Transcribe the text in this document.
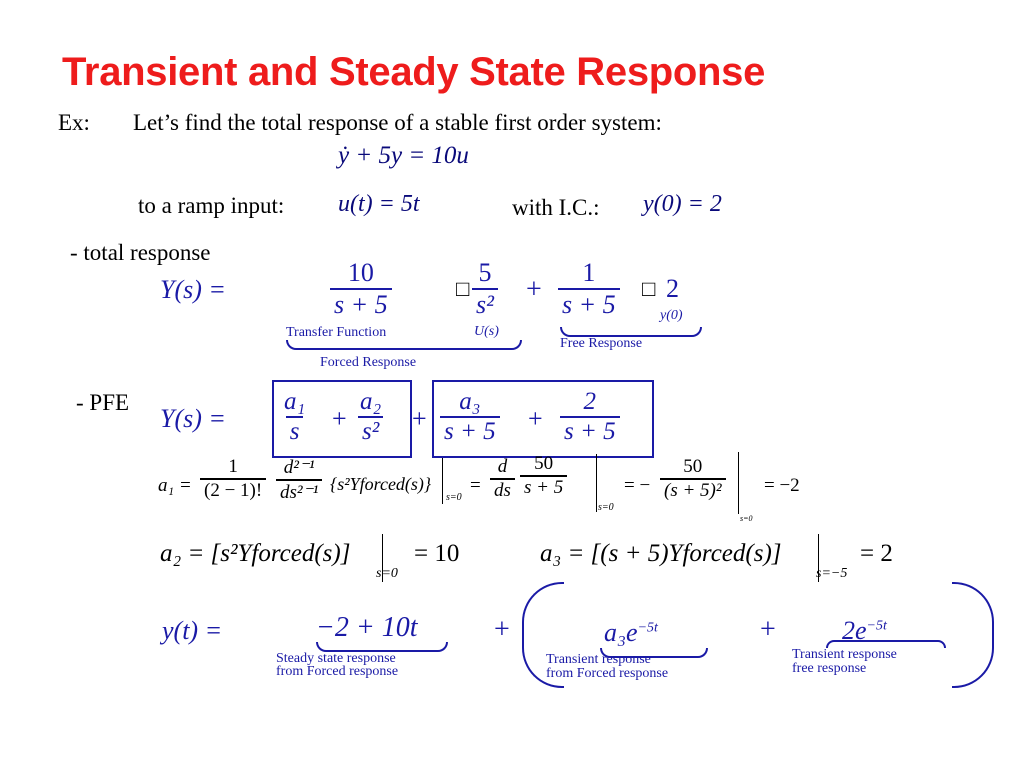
Transient and Steady State Response
Ex: Let’s find the total response of a stable first order system:
ẏ + 5y = 10u
to a ramp input: u(t) = 5t	with I.C.: y(0) = 2
- total response
Y(s) =	$\frac{10}{s + 5}$	□ $\frac{5}{\text{s²}} + \frac{1}{s + 5}$ □ 2
y(0)
Transfer Function	U(s)
Forced Response
Free Response
- PFE
$Y(s) = \frac{\text{a₁}}{s} + \frac{\text{a₂}}{\text{s²}} + \frac{\text{a₃}}{s + 5} + \frac{2}{s + 5}$
$a_1 = \frac{1}{(2 - 1)!} \frac{\text{d²⁻¹}}{\text{ds²⁻¹}}$ {s²Yforced(s)}
s=0
= $\frac{d}{ds} \frac{50}{s + 5}$
s=0
= − $\frac{50}{\text{(s + 5)²}}$
s=0
= −2
a₂ = [s²Yforced(s)]
s=0
= 10	a₃ = [(s + 5)Yforced(s)]
s=−5
= 2
y(t) =	−2 + 10t
Steady state response
from Forced response
+	$a_3e^{-5t}$
Transient response
from Forced response
+	$2e^{-5t}$
Transient response
free response
